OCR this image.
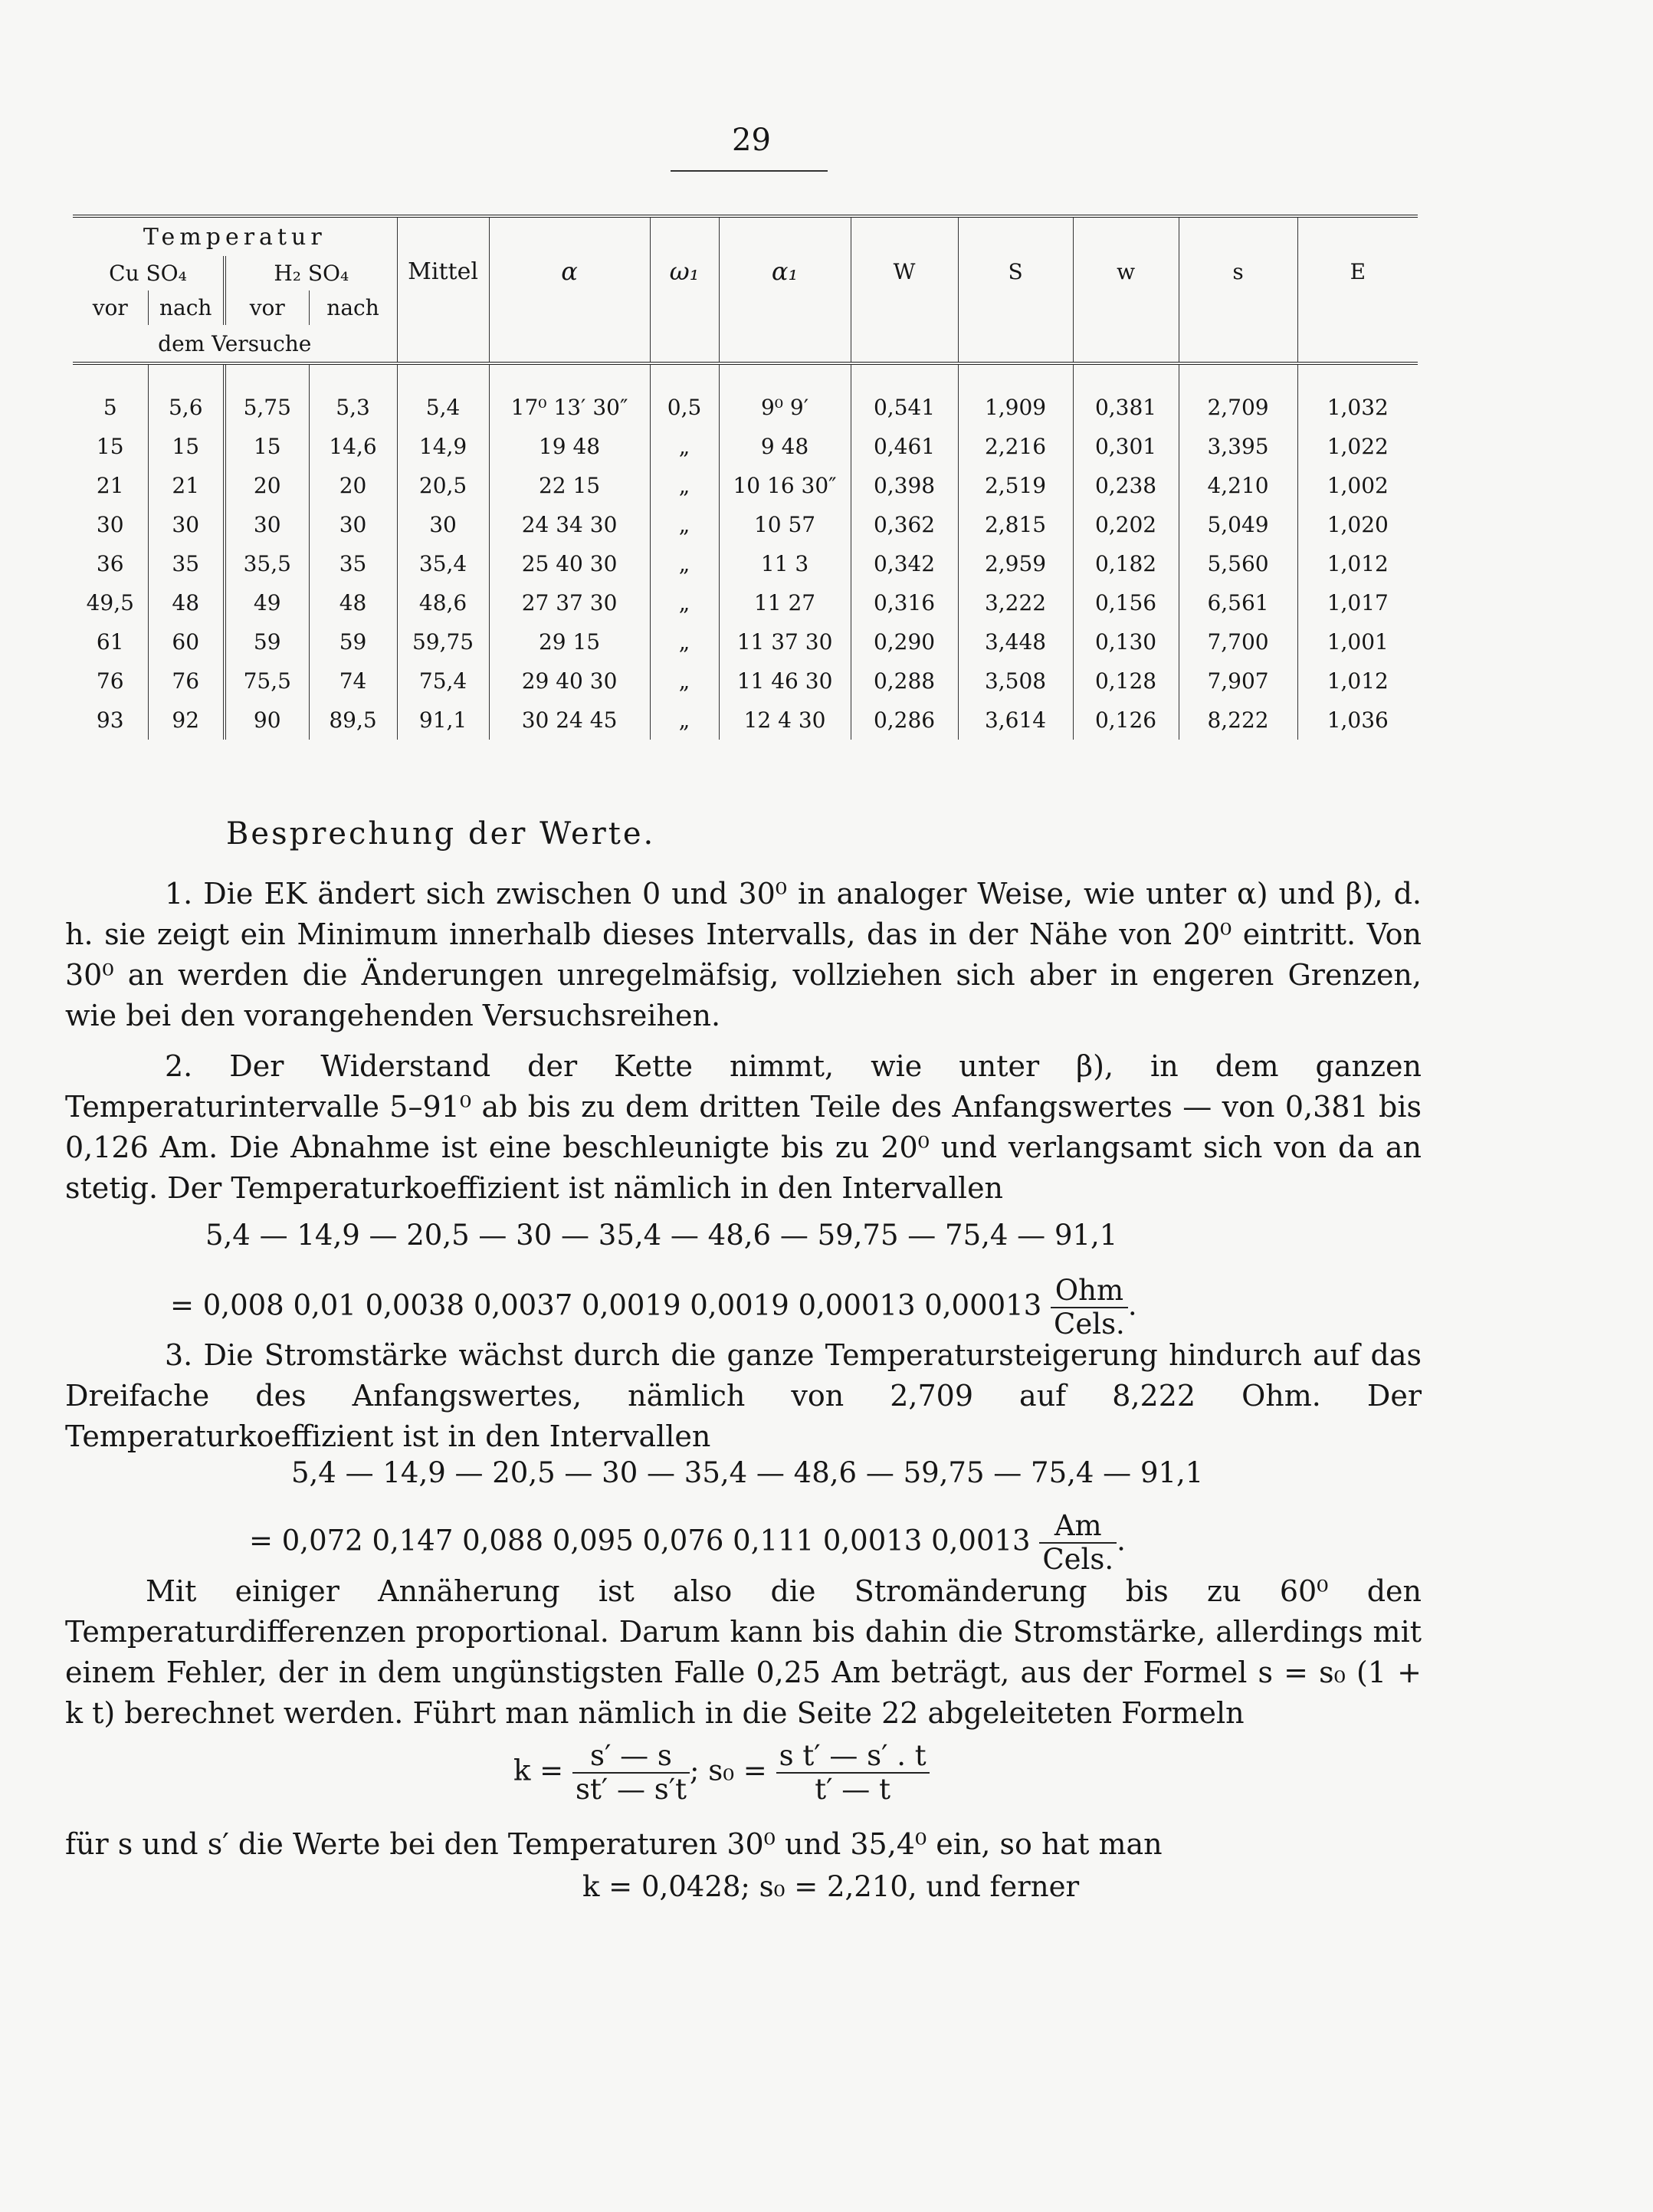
29
Temperatur				Mittel	α	ω₁	α₁	W	S	w	s	E
Cu SO₄		H₂ SO₄										
vor	nach	vor	nach									
dem Versuche												

5	5,6	5,75	5,3	5,4	17⁰ 13′ 30″	0,5	9⁰ 9′	0,541	1,909	0,381	2,709	1,032
15	15	15	14,6	14,9	19 48	„	9 48	0,461	2,216	0,301	3,395	1,022
21	21	20	20	20,5	22 15	„	10 16 30″	0,398	2,519	0,238	4,210	1,002
30	30	30	30	30	24 34 30	„	10 57	0,362	2,815	0,202	5,049	1,020
36	35	35,5	35	35,4	25 40 30	„	11 3	0,342	2,959	0,182	5,560	1,012
49,5	48	49	48	48,6	27 37 30	„	11 27	0,316	3,222	0,156	6,561	1,017
61	60	59	59	59,75	29 15	„	11 37 30	0,290	3,448	0,130	7,700	1,001
76	76	75,5	74	75,4	29 40 30	„	11 46 30	0,288	3,508	0,128	7,907	1,012
93	92	90	89,5	91,1	30 24 45	„	12 4 30	0,286	3,614	0,126	8,222	1,036
Besprechung der Werte.
1. Die EK ändert sich zwischen 0 und 30⁰ in analoger Weise, wie unter α) und β), d. h. sie zeigt ein Minimum innerhalb dieses Intervalls, das in der Nähe von 20⁰ eintritt. Von 30⁰ an werden die Änderungen unregelmäfsig, vollziehen sich aber in engeren Grenzen, wie bei den vorangehenden Versuchsreihen.
2. Der Widerstand der Kette nimmt, wie unter β), in dem ganzen Temperaturintervalle 5–91⁰ ab bis zu dem dritten Teile des Anfangswertes — von 0,381 bis 0,126 Am. Die Abnahme ist eine beschleunigte bis zu 20⁰ und verlangsamt sich von da an stetig. Der Temperaturkoeffizient ist nämlich in den Intervallen
5,4 — 14,9 — 20,5 — 30 — 35,4 — 48,6 — 59,75 — 75,4 — 91,1
= 0,008 0,01 0,0038 0,0037 0,0019 0,0019 0,00013 $0,00013 \frac{\text{Ohm}}{\text{Cels.}}$ .
3. Die Stromstärke wächst durch die ganze Temperatursteigerung hindurch auf das Dreifache des Anfangswertes, nämlich von 2,709 auf 8,222 Ohm. Der Temperaturkoeffizient ist in den Intervallen
5,4 — 14,9 — 20,5 — 30 — 35,4 — 48,6 — 59,75 — 75,4 — 91,1
= 0,072 0,147 0,088 0,095 0,076 0,111 0,0013 $0,0013 \frac{Am}{\text{Cels.}}$ .
Mit einiger Annäherung ist also die Stromänderung bis zu 60⁰ den Temperaturdifferenzen proportional. Darum kann bis dahin die Stromstärke, allerdings mit einem Fehler, der in dem ungünstigsten Falle 0,25 Am beträgt, aus der Formel s = s₀ (1 + k t) berechnet werden. Führt man nämlich in die Seite 22 abgeleiteten Formeln
$k = \frac{s' — s}{st' — s't}$ ; $s_0 = \frac{\text{s t′ — s′ . t}}{t' — t}$
für s und s′ die Werte bei den Temperaturen 30⁰ und 35,4⁰ ein, so hat man
k = 0,0428; s₀ = 2,210, und ferner
